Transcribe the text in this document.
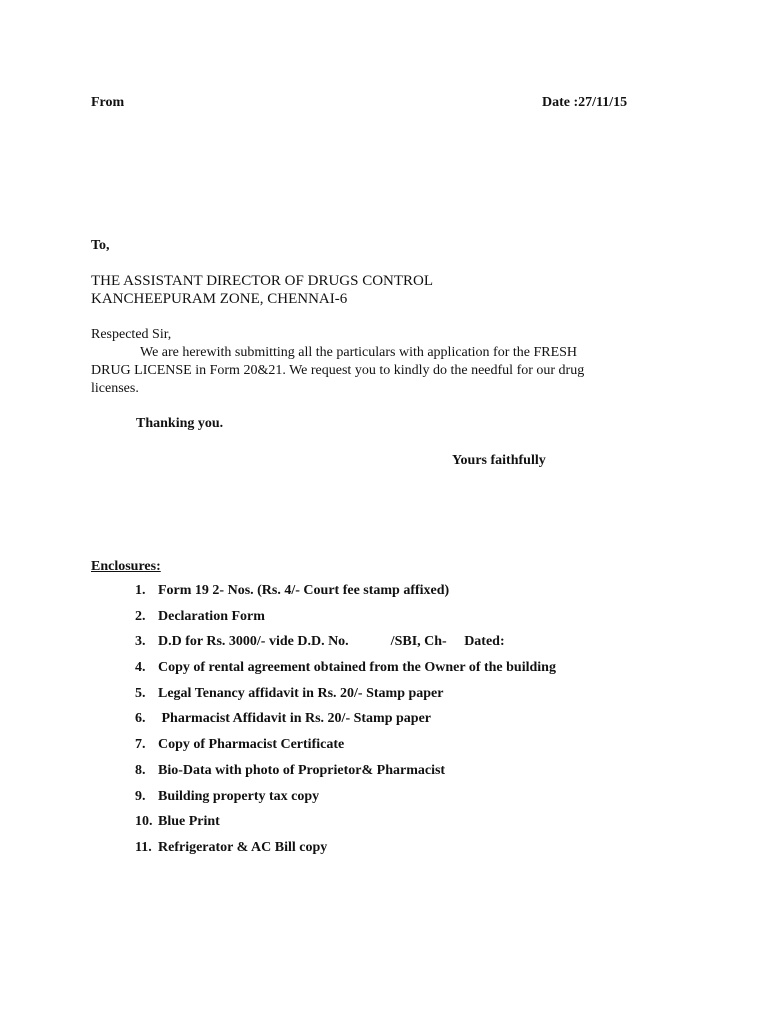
From	Date :27/11/15
To,
THE ASSISTANT DIRECTOR OF DRUGS CONTROL
KANCHEEPURAM ZONE, CHENNAI-6
Respected Sir,
We are herewith submitting all the particulars with application for the FRESH
DRUG LICENSE in Form 20&21. We request you to kindly do the needful for our drug
licenses.
Thanking you.
Yours faithfully
Enclosures:
1. Form 19 2- Nos. (Rs. 4/- Court fee stamp affixed)
2. Declaration Form
3. D.D for Rs. 3000/- vide D.D. No.            /SBI, Ch-     Dated:
4. Copy of rental agreement obtained from the Owner of the building
5. Legal Tenancy affidavit in Rs. 20/- Stamp paper
6. Pharmacist Affidavit in Rs. 20/- Stamp paper
7. Copy of Pharmacist Certificate
8. Bio-Data with photo of Proprietor& Pharmacist
9. Building property tax copy
10. Blue Print
11. Refrigerator & AC Bill copy
